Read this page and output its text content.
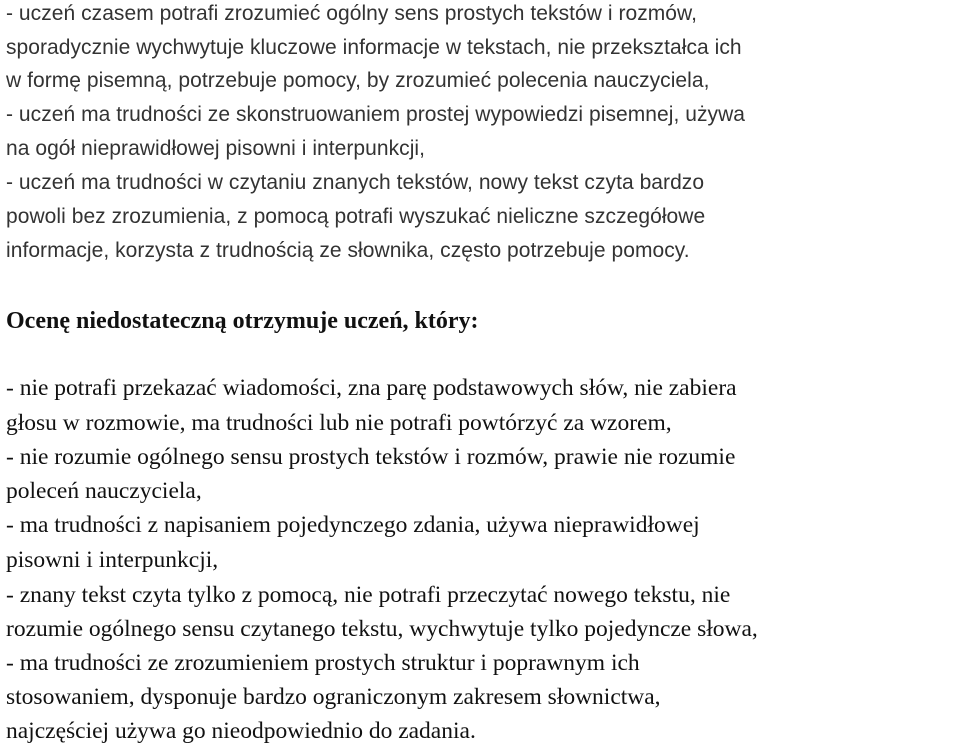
- uczeń czasem potrafi zrozumieć ogólny sens prostych tekstów i rozmów,
sporadycznie wychwytuje kluczowe informacje w tekstach, nie przekształca ich
w formę pisemną, potrzebuje pomocy, by zrozumieć polecenia nauczyciela,
- uczeń ma trudności ze skonstruowaniem prostej wypowiedzi pisemnej, używa
na ogół nieprawidłowej pisowni i interpunkcji,
- uczeń ma trudności w czytaniu znanych tekstów, nowy tekst czyta bardzo
powoli bez zrozumienia, z pomocą potrafi wyszukać nieliczne szczegółowe
informacje, korzysta z trudnością ze słownika, często potrzebuje pomocy.
Ocenę niedostateczną otrzymuje uczeń, który:
- nie potrafi przekazać wiadomości, zna parę podstawowych słów, nie zabiera
głosu w rozmowie, ma trudności lub nie potrafi powtórzyć za wzorem,
- nie rozumie ogólnego sensu prostych tekstów i rozmów, prawie nie rozumie
poleceń nauczyciela,
- ma trudności z napisaniem pojedynczego zdania, używa nieprawidłowej
pisowni i interpunkcji,
- znany tekst czyta tylko z pomocą, nie potrafi przeczytać nowego tekstu, nie
rozumie ogólnego sensu czytanego tekstu, wychwytuje tylko pojedyncze słowa,
- ma trudności ze zrozumieniem prostych struktur i poprawnym ich
stosowaniem, dysponuje bardzo ograniczonym zakresem słownictwa,
najczęściej używa go nieodpowiednio do zadania.
